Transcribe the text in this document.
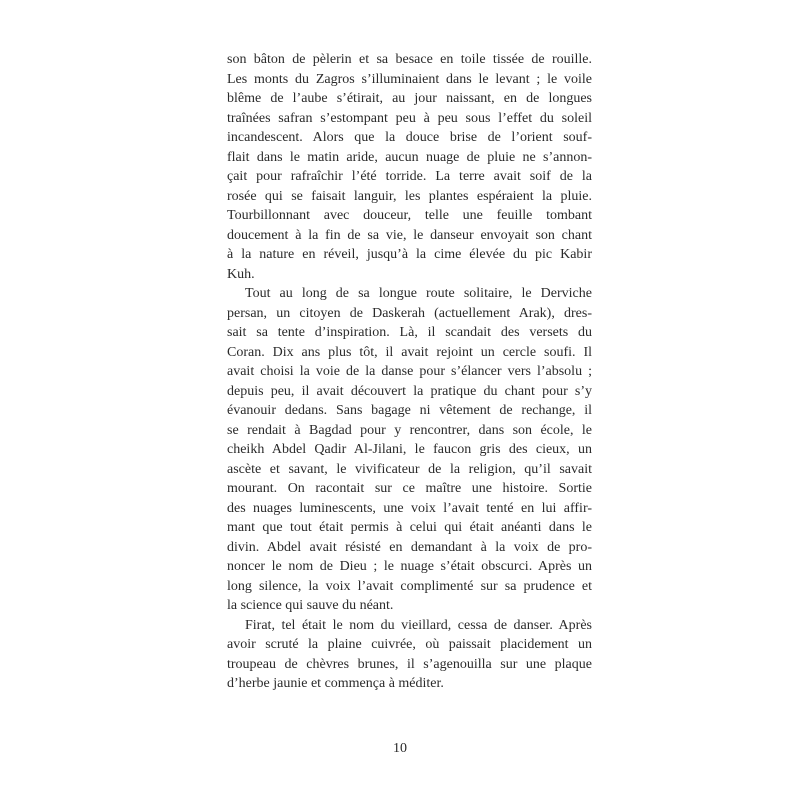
son bâton de pèlerin et sa besace en toile tissée de rouille.
Les monts du Zagros s’illuminaient dans le levant ; le voile
blême de l’aube s’étirait, au jour naissant, en de longues
traînées safran s’estompant peu à peu sous l’effet du soleil
incandescent. Alors que la douce brise de l’orient souf-
flait dans le matin aride, aucun nuage de pluie ne s’annon-
çait pour rafraîchir l’été torride. La terre avait soif de la
rosée qui se faisait languir, les plantes espéraient la pluie.
Tourbillonnant avec douceur, telle une feuille tombant
doucement à la fin de sa vie, le danseur envoyait son chant
à la nature en réveil, jusqu’à la cime élevée du pic Kabir
Kuh.
Tout au long de sa longue route solitaire, le Derviche
persan, un citoyen de Daskerah (actuellement Arak), dres-
sait sa tente d’inspiration. Là, il scandait des versets du
Coran. Dix ans plus tôt, il avait rejoint un cercle soufi. Il
avait choisi la voie de la danse pour s’élancer vers l’absolu ;
depuis peu, il avait découvert la pratique du chant pour s’y
évanouir dedans. Sans bagage ni vêtement de rechange, il
se rendait à Bagdad pour y rencontrer, dans son école, le
cheikh Abdel Qadir Al-Jilani, le faucon gris des cieux, un
ascète et savant, le vivificateur de la religion, qu’il savait
mourant. On racontait sur ce maître une histoire. Sortie
des nuages luminescents, une voix l’avait tenté en lui affir-
mant que tout était permis à celui qui était anéanti dans le
divin. Abdel avait résisté en demandant à la voix de pro-
noncer le nom de Dieu ; le nuage s’était obscurci. Après un
long silence, la voix l’avait complimenté sur sa prudence et
la science qui sauve du néant.
Firat, tel était le nom du vieillard, cessa de danser. Après
avoir scruté la plaine cuivrée, où paissait placidement un
troupeau de chèvres brunes, il s’agenouilla sur une plaque
d’herbe jaunie et commença à méditer.
10
